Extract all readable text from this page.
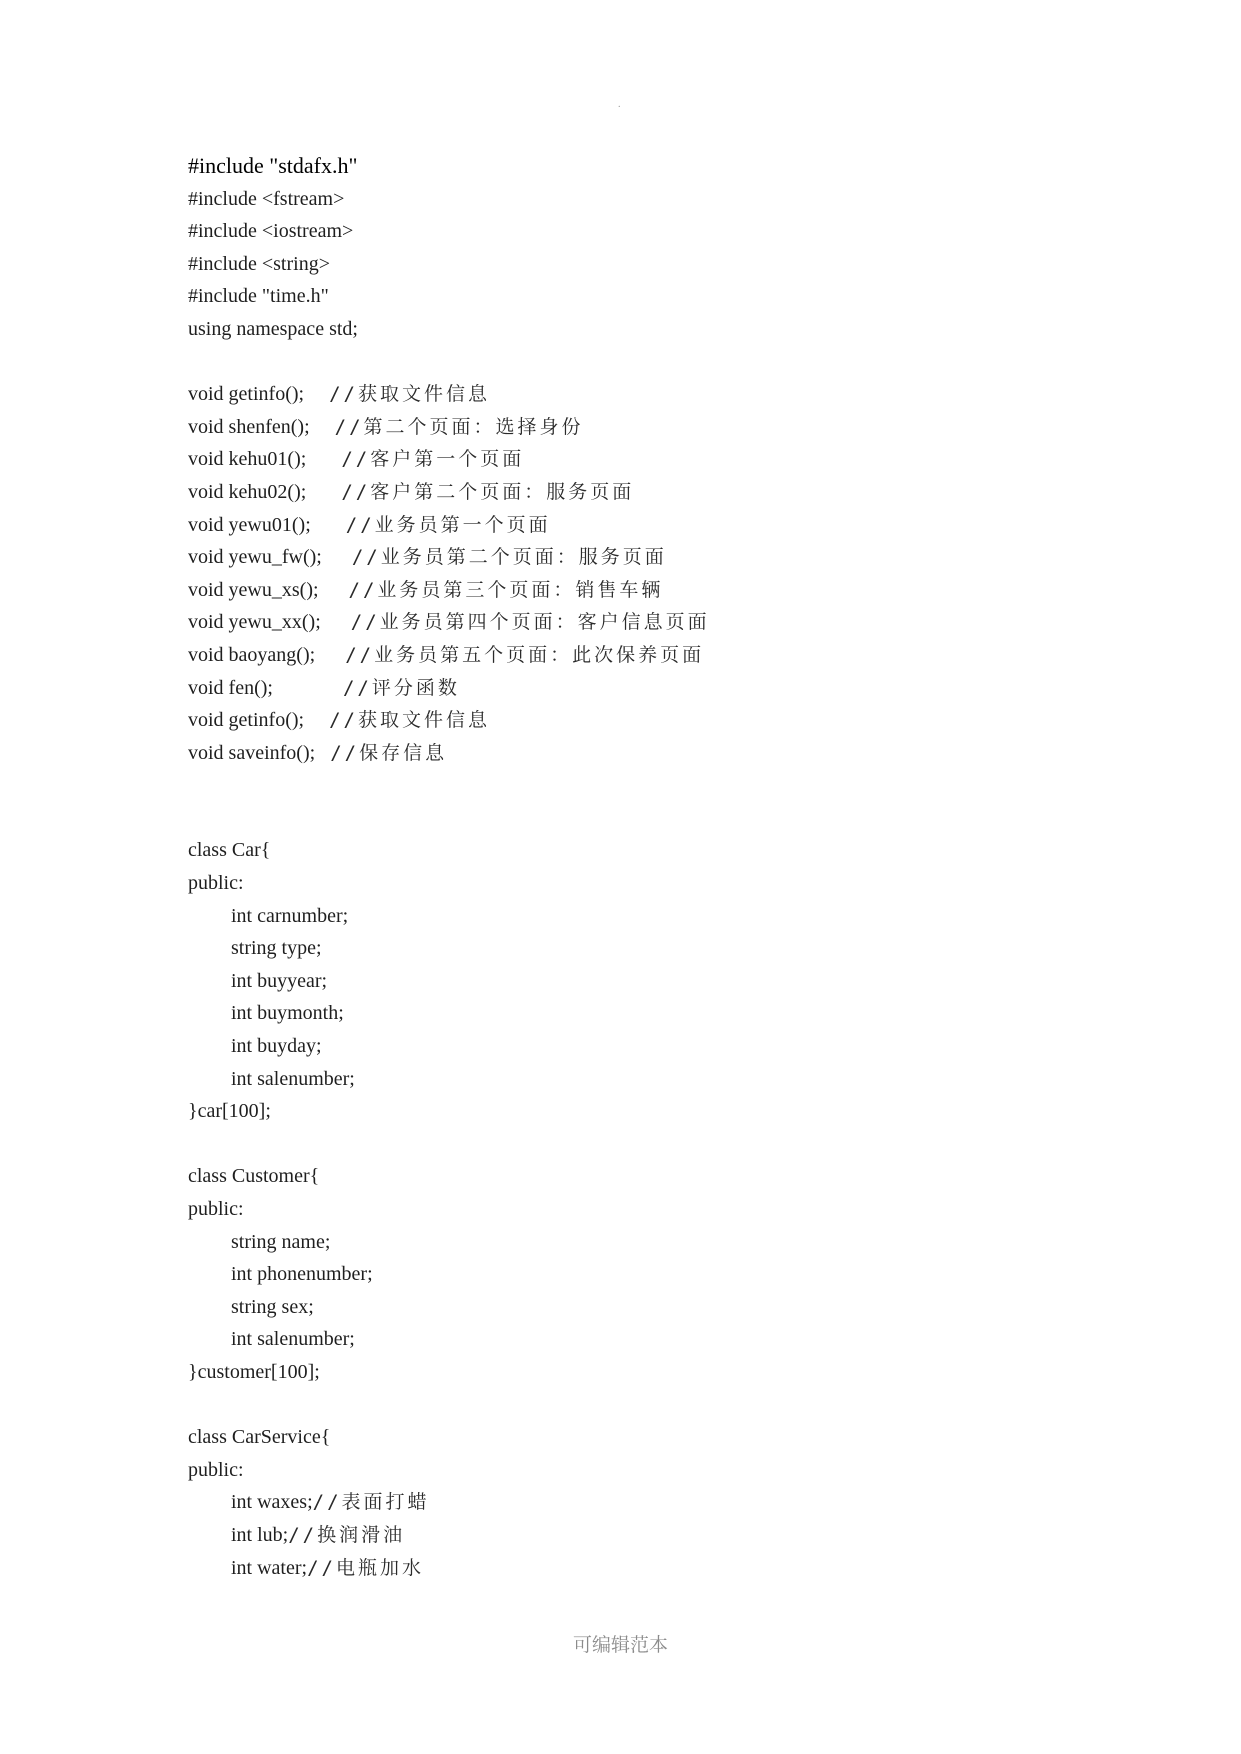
.
#include "stdafx.h"
#include <fstream>
#include <iostream>
#include <string>
#include "time.h"
using namespace std;
void getinfo(); //获取文件信息
void shenfen(); //第二个页面：选择身份
void kehu01(); //客户第一个页面
void kehu02(); //客户第二个页面：服务页面
void yewu01(); //业务员第一个页面
void yewu_fw(); //业务员第二个页面：服务页面
void yewu_xs(); //业务员第三个页面：销售车辆
void yewu_xx(); //业务员第四个页面：客户信息页面
void baoyang(); //业务员第五个页面：此次保养页面
void fen();	//评分函数
void getinfo(); //获取文件信息
void saveinfo(); //保存信息
class Car{
public:
int carnumber;
string type;
int buyyear;
int buymonth;
int buyday;
int salenumber;
}car[100];
class Customer{
public:
string name;
int phonenumber;
string sex;
int salenumber;
}customer[100];
class CarService{
public:
int waxes;//表面打蜡
int lub;//换润滑油
int water;//电瓶加水
可编辑范本
